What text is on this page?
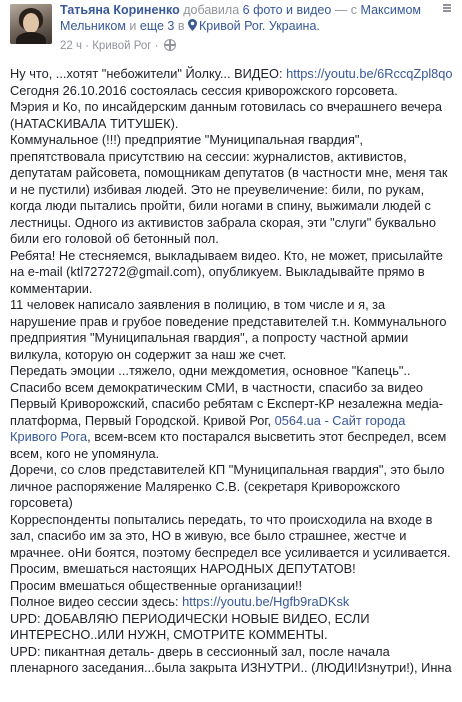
Татьяна Кориненко добавила 6 фото и видео — с Максимом
Мельником и еще 3 в Кривой Рог. Украина.
22 ч · Кривой Рог ·

Ну что, ...хотят "небожители" Йолку... ВИДЕО: https://youtu.be/6RccqZpl8qo

Сегодня 26.10.2016 состоялась сессия криворожского горсовета.

Мэрия и Ко, по инсайдерским данным готовилась со вчерашнего вечера (НАТАСКИВАЛА ТИТУШЕК).

Коммунальное (!!!) предприятие "Муниципальная гвардия", препятствовала присутствию на сессии: журналистов, активистов, депутатам райсовета, помощникам депутатов (в частности мне, меня так и не пустили) избивая людей. Это не преувеличение: били, по рукам, когда люди пытались пройти, били ногами в спину, выжимали людей с лестницы. Одного из активистов забрала скорая, эти "слуги" буквально били его головой об бетонный пол.

Ребята! Не стесняемся, выкладываем видео. Кто, не может, присылайте на e-mail (ktl727272@gmail.com), опубликуем. Выкладывайте прямо в комментарии.

11 человек написало заявления в полицию, в том числе и я, за нарушение прав и грубое поведение представителей т.н. Коммунального предприятия "Муниципальная гвардия", а попросту частной армии вилкула, которую он содержит за наш же счет.

Передать эмоции ...тяжело, одни междометия, основное "Капець"..

Спасибо всем демократическим СМИ, в частности, спасибо за видео Первый Криворожский, спасибо ребятам с Експерт-КР незалежна медіа-платформа, Первый Городской. Кривой Рог, 0564.ua - Сайт города Кривого Рога, всем-всем кто постарался высветить этот беспредел, всем всем, кого не упомянула.

Доречи, со слов представителей КП "Муниципальная гвардия", это было личное распоряжение Маляренко С.В. (секретаря Криворожского горсовета)

Корреспонденты попытались передать, то что происходила на входе в зал, спасибо им за это, НО в живую, все было страшнее, жестче и мрачнее. оНи боятся, поэтому беспредел все усиливается и усиливается.

Просим, вмешаться настоящих НАРОДНЫХ ДЕПУТАТОВ!

Просим вмешаться общественные организации!!

Полное видео сессии здесь: https://youtu.be/Hgfb9raDKsk

UPD: ДОБАВЛЯЮ ПЕРИОДИЧЕСКИ НОВЫЕ ВИДЕО, ЕСЛИ ИНТЕРЕСНО..ИЛИ НУЖН, СМОТРИТЕ КОММЕНТЫ.

UPD: пикантная деталь- дверь в сессионный зал, после начала пленарного заседания...была закрыта ИЗНУТРИ.. (ЛЮДИ!Изнутри!), Инна
